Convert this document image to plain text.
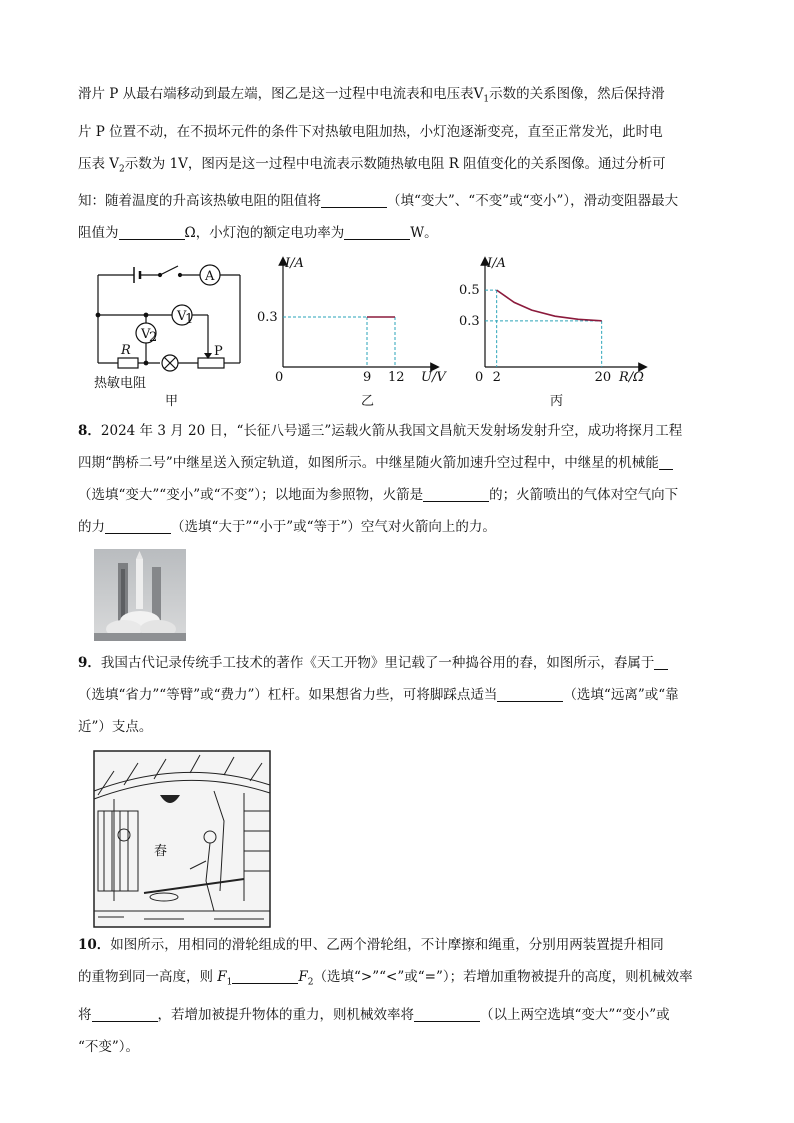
滑片 P 从最右端移动到最左端，图乙是这一过程中电流表和电压表$V_1$示数的关系图像，然后保持滑
片 P 位置不动，在不损坏元件的条件下对热敏电阻加热，小灯泡逐渐变亮，直至正常发光，此时电
压表 $V_2$示数为 1V，图丙是这一过程中电流表示数随热敏电阻 R 阻值变化的关系图像。通过分析可
知：随着温度的升高该热敏电阻的阻值将	（填“变大”、“不变”或“变小”），滑动变阻器最大
阻值为	Ω，小灯泡的额定电功率为	W。

A
V
1
V
2
R	P
热敏电阻
甲
I/A
U/V
0	9 12
0.3
乙
I/A
R/Ω
0 2	20
0.3
0.5
丙

8．2024 年 3 月 20 日，“长征八号遥三”运载火箭从我国文昌航天发射场发射升空，成功将探月工程
四期“鹊桥二号”中继星送入预定轨道，如图所示。中继星随火箭加速升空过程中，中继星的机械能
（选填“变大”“变小”或“不变”）；以地面为参照物，火箭是	的；火箭喷出的气体对空气向下
的力	（选填“大于”“小于”或“等于”）空气对火箭向上的力。

9．我国古代记录传统手工技术的著作《天工开物》里记载了一种捣谷用的舂，如图所示，舂属于
（选填“省力”“等臂”或“费力”）杠杆。如果想省力些，可将脚踩点适当	（选填“远离”或“靠
近”）支点。

舂

10．如图所示，用相同的滑轮组成的甲、乙两个滑轮组，不计摩擦和绳重，分别用两装置提升相同
的重物到同一高度，则 $F_1$	$F_2$（选填“>”“<”或“=”）；若增加重物被提升的高度，则机械效率
将	，若增加被提升物体的重力，则机械效率将	（以上两空选填“变大”“变小”或
“不变”）。
